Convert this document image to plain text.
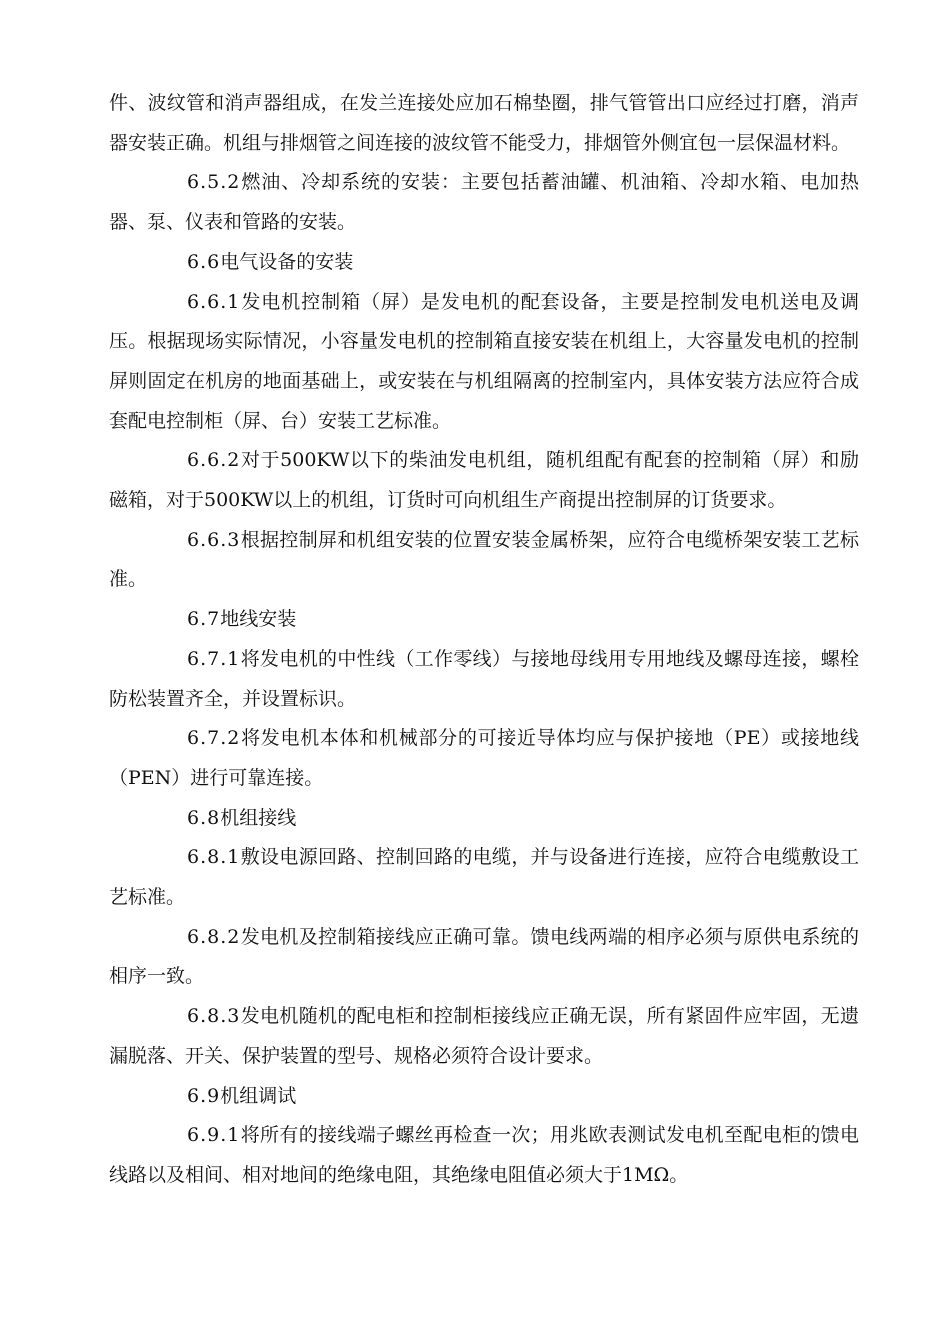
件、波纹管和消声器组成，在发兰连接处应加石棉垫圈，排气管管出口应经过打磨，消声器安装正确。机组与排烟管之间连接的波纹管不能受力，排烟管外侧宜包一层保温材料。

6.5.2燃油、冷却系统的安装：主要包括蓄油罐、机油箱、冷却水箱、电加热器、泵、仪表和管路的安装。

6.6电气设备的安装

6.6.1发电机控制箱（屏）是发电机的配套设备，主要是控制发电机送电及调压。根据现场实际情况，小容量发电机的控制箱直接安装在机组上，大容量发电机的控制屏则固定在机房的地面基础上，或安装在与机组隔离的控制室内，具体安装方法应符合成套配电控制柜（屏、台）安装工艺标准。

6.6.2对于500KW以下的柴油发电机组，随机组配有配套的控制箱（屏）和励磁箱，对于500KW以上的机组，订货时可向机组生产商提出控制屏的订货要求。

6.6.3根据控制屏和机组安装的位置安装金属桥架，应符合电缆桥架安装工艺标准。

6.7地线安装

6.7.1将发电机的中性线（工作零线）与接地母线用专用地线及螺母连接，螺栓防松装置齐全，并设置标识。

6.7.2将发电机本体和机械部分的可接近导体均应与保护接地（PE）或接地线（PEN）进行可靠连接。

6.8机组接线

6.8.1敷设电源回路、控制回路的电缆，并与设备进行连接，应符合电缆敷设工艺标准。

6.8.2发电机及控制箱接线应正确可靠。馈电线两端的相序必须与原供电系统的相序一致。

6.8.3发电机随机的配电柜和控制柜接线应正确无误，所有紧固件应牢固，无遗漏脱落、开关、保护装置的型号、规格必须符合设计要求。

6.9机组调试

6.9.1将所有的接线端子螺丝再检查一次；用兆欧表测试发电机至配电柜的馈电线路以及相间、相对地间的绝缘电阻，其绝缘电阻值必须大于1MΩ。
